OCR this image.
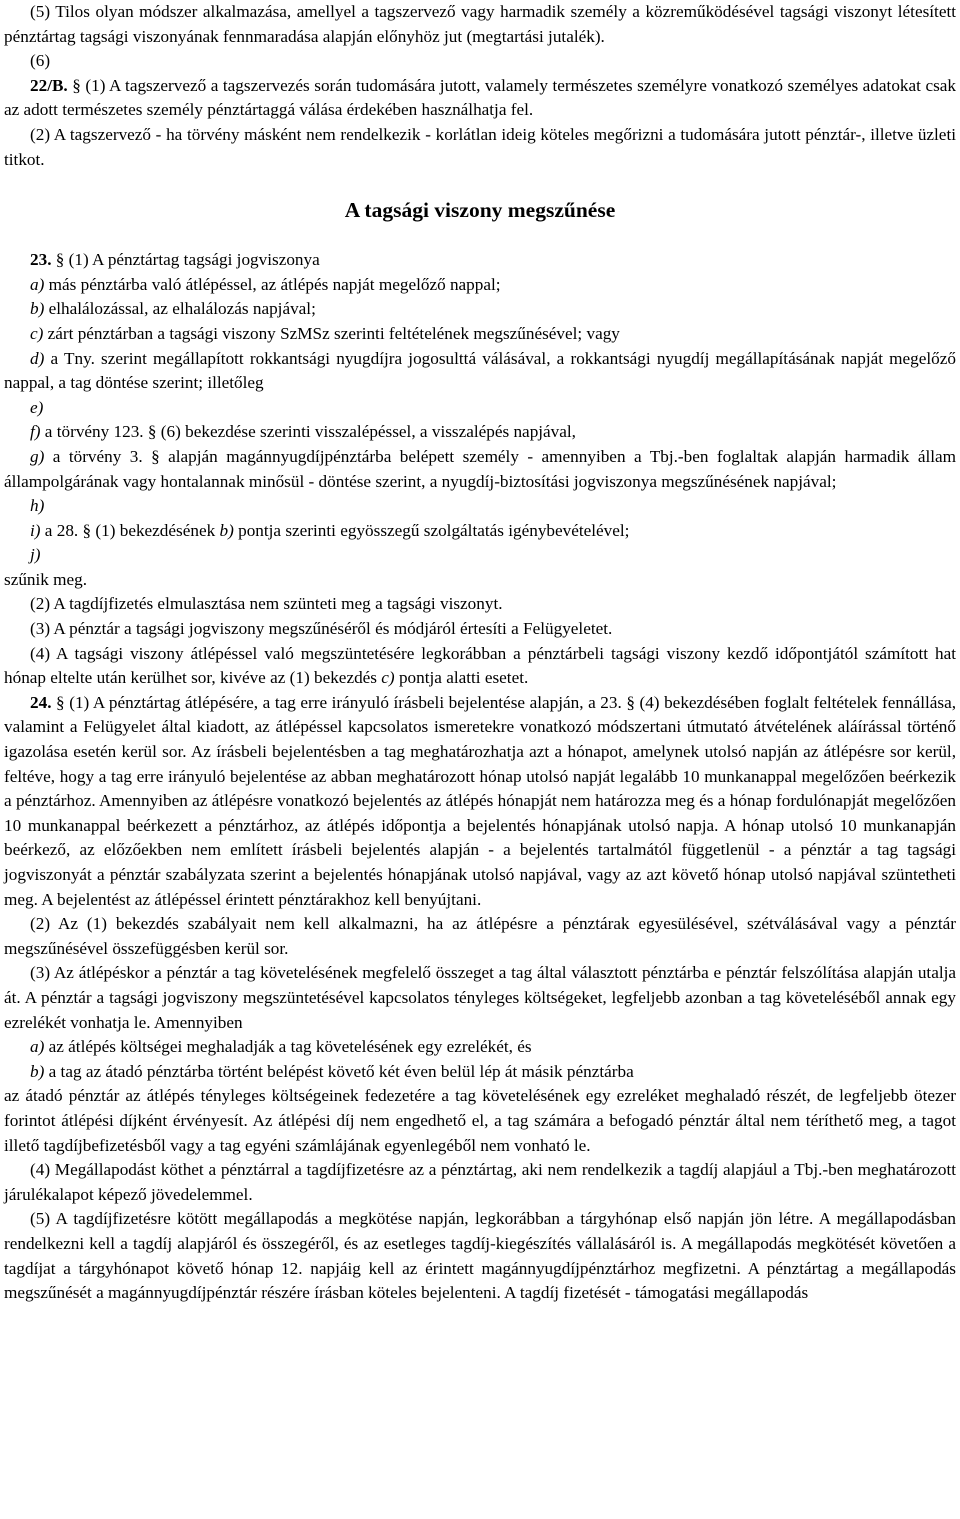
(5) Tilos olyan módszer alkalmazása, amellyel a tagszervező vagy harmadik személy a közreműködésével tagsági viszonyt létesített pénztártag tagsági viszonyának fennmaradása alapján előnyhöz jut (megtartási jutalék).

(6)

22/B. § (1) A tagszervező a tagszervezés során tudomására jutott, valamely természetes személyre vonatkozó személyes adatokat csak az adott természetes személy pénztártaggá válása érdekében használhatja fel.

(2) A tagszervező - ha törvény másként nem rendelkezik - korlátlan ideig köteles megőrizni a tudomására jutott pénztár-, illetve üzleti titkot.

A tagsági viszony megszűnése

23. § (1) A pénztártag tagsági jogviszonya

a) más pénztárba való átlépéssel, az átlépés napját megelőző nappal;

b) elhalálozással, az elhalálozás napjával;

c) zárt pénztárban a tagsági viszony SzMSz szerinti feltételének megszűnésével; vagy

d) a Tny. szerint megállapított rokkantsági nyugdíjra jogosulttá válásával, a rokkantsági nyugdíj megállapításának napját megelőző nappal, a tag döntése szerint; illetőleg

e)

f) a törvény 123. § (6) bekezdése szerinti visszalépéssel, a visszalépés napjával,

g) a törvény 3. § alapján magánnyugdíjpénztárba belépett személy - amennyiben a Tbj.-ben foglaltak alapján harmadik állam állampolgárának vagy hontalannak minősül - döntése szerint, a nyugdíj-biztosítási jogviszonya megszűnésének napjával;

h)

i) a 28. § (1) bekezdésének b) pontja szerinti egyösszegű szolgáltatás igénybevételével;

j)

szűnik meg.

(2) A tagdíjfizetés elmulasztása nem szünteti meg a tagsági viszonyt.

(3) A pénztár a tagsági jogviszony megszűnéséről és módjáról értesíti a Felügyeletet.

(4) A tagsági viszony átlépéssel való megszüntetésére legkorábban a pénztárbeli tagsági viszony kezdő időpontjától számított hat hónap eltelte után kerülhet sor, kivéve az (1) bekezdés c) pontja alatti esetet.

24. § (1) A pénztártag átlépésére, a tag erre irányuló írásbeli bejelentése alapján, a 23. § (4) bekezdésében foglalt feltételek fennállása, valamint a Felügyelet által kiadott, az átlépéssel kapcsolatos ismeretekre vonatkozó módszertani útmutató átvételének aláírással történő igazolása esetén kerül sor. Az írásbeli bejelentésben a tag meghatározhatja azt a hónapot, amelynek utolsó napján az átlépésre sor kerül, feltéve, hogy a tag erre irányuló bejelentése az abban meghatározott hónap utolsó napját legalább 10 munkanappal megelőzően beérkezik a pénztárhoz. Amennyiben az átlépésre vonatkozó bejelentés az átlépés hónapját nem határozza meg és a hónap fordulónapját megelőzően 10 munkanappal beérkezett a pénztárhoz, az átlépés időpontja a bejelentés hónapjának utolsó napja. A hónap utolsó 10 munkanapján beérkező, az előzőekben nem említett írásbeli bejelentés alapján - a bejelentés tartalmától függetlenül - a pénztár a tag tagsági jogviszonyát a pénztár szabályzata szerint a bejelentés hónapjának utolsó napjával, vagy az azt követő hónap utolsó napjával szüntetheti meg. A bejelentést az átlépéssel érintett pénztárakhoz kell benyújtani.

(2) Az (1) bekezdés szabályait nem kell alkalmazni, ha az átlépésre a pénztárak egyesülésével, szétválásával vagy a pénztár megszűnésével összefüggésben kerül sor.

(3) Az átlépéskor a pénztár a tag követelésének megfelelő összeget a tag által választott pénztárba e pénztár felszólítása alapján utalja át. A pénztár a tagsági jogviszony megszüntetésével kapcsolatos tényleges költségeket, legfeljebb azonban a tag követeléséből annak egy ezrelékét vonhatja le. Amennyiben

a) az átlépés költségei meghaladják a tag követelésének egy ezrelékét, és

b) a tag az átadó pénztárba történt belépést követő két éven belül lép át másik pénztárba

az átadó pénztár az átlépés tényleges költségeinek fedezetére a tag követelésének egy ezreléket meghaladó részét, de legfeljebb ötezer forintot átlépési díjként érvényesít. Az átlépési díj nem engedhető el, a tag számára a befogadó pénztár által nem téríthető meg, a tagot illető tagdíjbefizetésből vagy a tag egyéni számlájának egyenlegéből nem vonható le.

(4) Megállapodást köthet a pénztárral a tagdíjfizetésre az a pénztártag, aki nem rendelkezik a tagdíj alapjául a Tbj.-ben meghatározott járulékalapot képező jövedelemmel.

(5) A tagdíjfizetésre kötött megállapodás a megkötése napján, legkorábban a tárgyhónap első napján jön létre. A megállapodásban rendelkezni kell a tagdíj alapjáról és összegéről, és az esetleges tagdíj-kiegészítés vállalásáról is. A megállapodás megkötését követően a tagdíjat a tárgyhónapot követő hónap 12. napjáig kell az érintett magánnyugdíjpénztárhoz megfizetni. A pénztártag a megállapodás megszűnését a magánnyugdíjpénztár részére írásban köteles bejelenteni. A tagdíj fizetését - támogatási megállapodás
